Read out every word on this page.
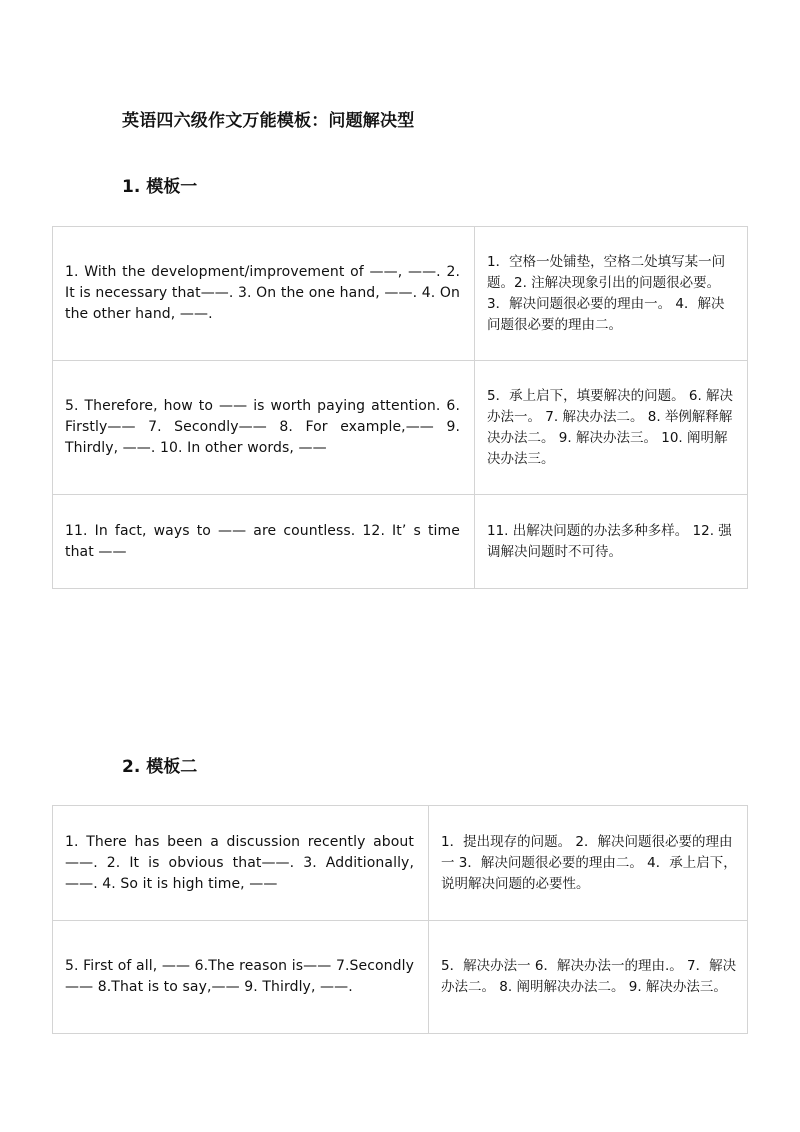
英语四六级作文万能模板：问题解决型
1. 模板一
1. With the development/improvement of ——, ——. 2. It is necessary that——. 3. On the one hand, ——. 4. On the other hand, ——.	1．空格一处铺垫，空格二处填写某一问题。2. 注解决现象引出的问题很必要。 3．解决问题很必要的理由一。 4．解决问题很必要的理由二。
5. Therefore, how to —— is worth paying attention. 6. Firstly—— 7. Secondly—— 8. For example,—— 9. Thirdly, ——. 10. In other words, ——	5．承上启下，填要解决的问题。 6. 解决办法一。 7. 解决办法二。 8. 举例解释解决办法二。 9. 解决办法三。 10. 阐明解决办法三。
11. In fact, ways to —— are countless. 12. It’ s time that ——	11. 出解决问题的办法多种多样。 12. 强调解决问题时不可待。
2. 模板二
1. There has been a discussion recently about——. 2. It is obvious that——. 3. Additionally, ——. 4. So it is high time, ——	1．提出现存的问题。 2．解决问题很必要的理由一 3．解决问题很必要的理由二。 4．承上启下，说明解决问题的必要性。
5. First of all, —— 6.The reason is—— 7.Secondly—— 8.That is to say,—— 9. Thirdly, ——.	5．解决办法一 6．解决办法一的理由.。 7．解决办法二。 8. 阐明解决办法二。 9. 解决办法三。
